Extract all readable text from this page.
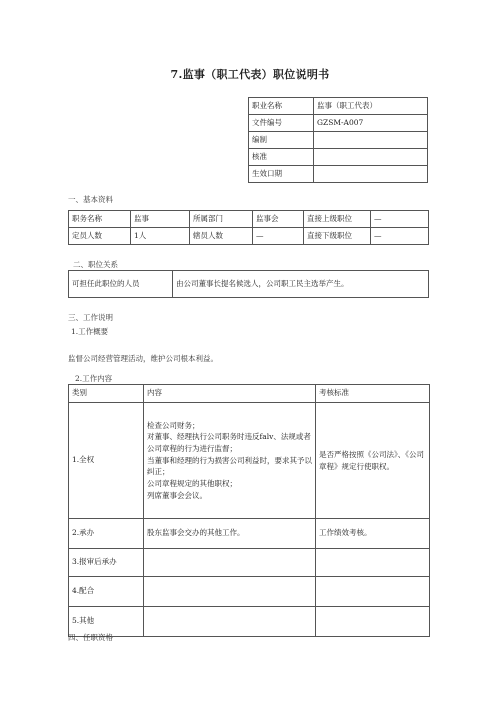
7.监事（职工代表）职位说明书
职业名称	监事（职工代表）
文件编号	GZSM-A007
编制	
核准	
生效口期	
一、基本资料
职务名称	监事	所属部门	监事会	直接上级职位	—
定员人数	1人	辖员人数	—	直接下级职位	—
二、职位关系
可担任此职位的人员	由公司董事长提名候选人，公司职工民主选举产生。
三、工作说明
1.工作概要
监督公司经营管理活动，维护公司根本利益。
2.工作内容
类别	内容	考核标准
1.全权	检查公司财务；
对董事、经理执行公司职务时违反falv、法规或者公司章程的行为进行监督；
当董事和经理的行为损害公司利益时，要求其予以纠正；
公司章程规定的其他职权；
列席董事会会议。	是否严格按照《公司法》、《公司章程》规定行使职权。
2.承办	股东监事会交办的其他工作。	工作绩效考核。
3.报审后承办		
4.配合		
5.其他		
四、任职资格
